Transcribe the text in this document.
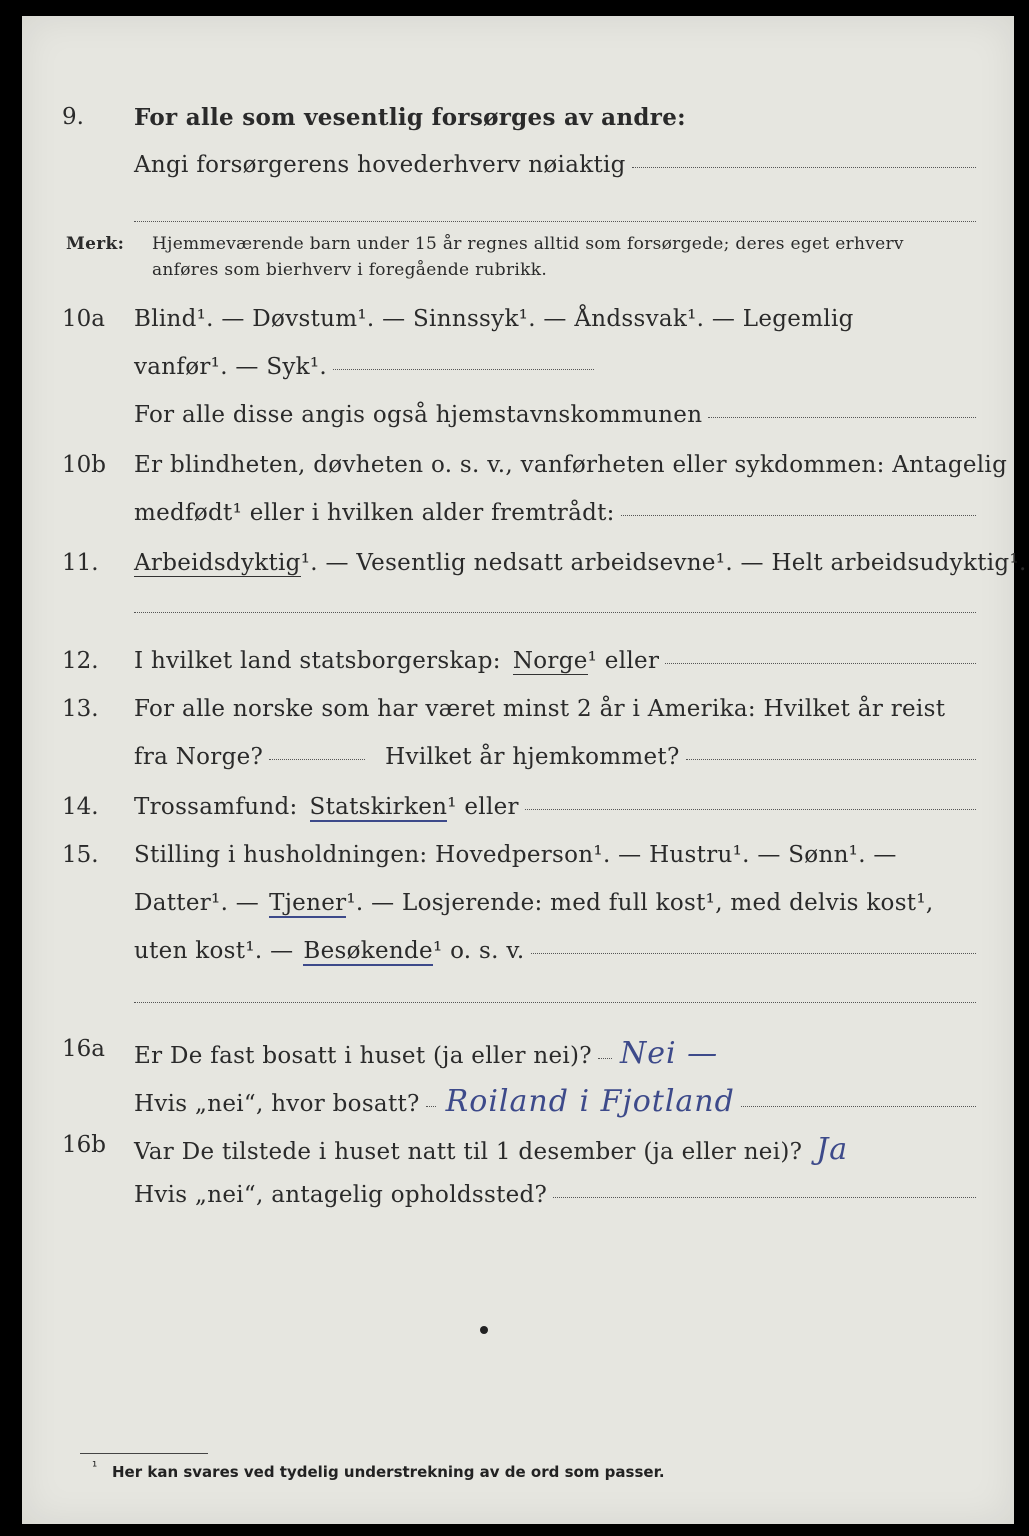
9. For alle som vesentlig forsørges av andre:
Angi forsørgerens hovederhverv nøiaktig
Merk:	Hjemmeværende barn under 15 år regnes alltid som forsørgede; deres eget erhverv
anføres som bierhverv i foregående rubrikk.
10a Blind¹. — Døvstum¹. — Sinnssyk¹. — Åndssvak¹. — Legemlig
vanfør¹. — Syk¹.
For alle disse angis også hjemstavnskommunen
10b Er blindheten, døvheten o. s. v., vanførheten eller sykdommen: Antagelig
medfødt¹ eller i hvilken alder fremtrådt:
11. Arbeidsdyktig ¹. — Vesentlig nedsatt arbeidsevne¹. — Helt arbeidsudyktig¹.
12. I hvilket land statsborgerskap: Norge ¹ eller
13. For alle norske som har været minst 2 år i Amerika: Hvilket år reist
fra Norge?	Hvilket år hjemkommet?
14. Trossamfund: Statskirken ¹ eller
15. Stilling i husholdningen: Hovedperson¹. — Hustru¹. — Sønn¹. —
Datter¹. — Tjener ¹. — Losjerende: med full kost¹, med delvis kost¹,
uten kost¹. — Besøkende ¹ o. s. v.
16a Er De fast bosatt i huset (ja eller nei)? Nei —
Hvis „nei“, hvor bosatt? Roiland i Fjotland
16b Var De tilstede i huset natt til 1 desember (ja eller nei)? Ja
Hvis „nei“, antagelig opholdssted?
¹ Her kan svares ved tydelig understrekning av de ord som passer.
